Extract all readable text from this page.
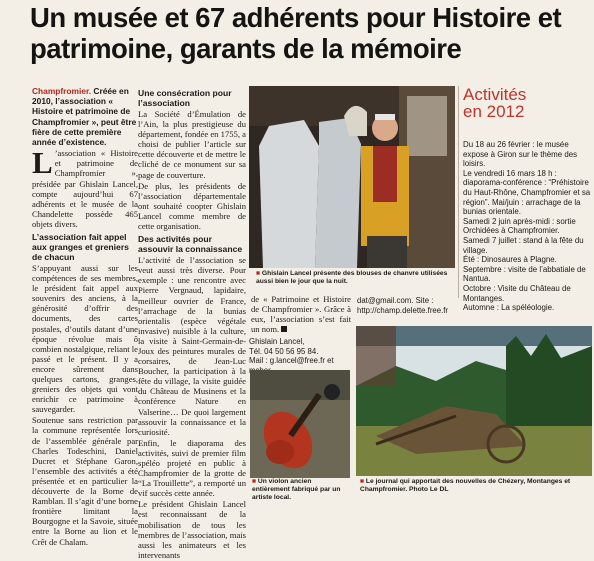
Un musée et 67 adhérents pour Histoire et patrimoine, garants de la mémoire

Champfromier. Créée en 2010, l’association « Histoire et patrimoine de Champfromier », peut être fière de cette première année d’existence.

L ’association « Histoire et patrimoine de Champfromier », présidée par Ghislain Lancel, compte aujourd’hui 67 adhérents et le musée de la Chandelette possède 465 objets divers.

L’association fait appel aux granges et greniers de chacun

S’appuyant aussi sur les compétences de ses membres, le président fait appel aux souvenirs des anciens, à la générosité d’offrir des documents, des cartes postales, d’outils datant d’une époque révolue mais ô combien nostalgique, reliant le passé et le présent. Il y a encore sûrement dans quelques cartons, granges, greniers des objets qui vont enrichir ce patrimoine à sauvegarder.

Soutenue sans restriction par la commune représentée lors de l’assemblée générale par Charles Todeschini, Daniel Ducret et Stéphane Garon, l’ensemble des activités a été présentée et en particulier la découverte de la Borne de Ramblan. Il s’agit d’une borne frontière limitant la Bourgogne et la Savoie, située entre la Borne au lion et le Crêt de Chalam.

Une consécration pour l’association

La Société d’Émulation de l’Ain, la plus prestigieuse du département, fondée en 1755, a choisi de publier l’article sur cette découverte et de mettre le cliché de ce monument sur sa page de couverture.

De plus, les présidents de l’association départementale ont souhaité coopter Ghislain Lancel comme membre de cette organisation.

Des activités pour assouvir la connaissance

L’activité de l’association se veut aussi très diverse. Pour exemple : une rencontre avec Pierre Vergnaud, lapidaire, meilleur ouvrier de France, l’arrachage de la bunias orientalis (espèce végétale invasive) nuisible à la culture, la visite à Saint-Germain-de-Joux des peintures murales de corsaires, de Jean-Luc Boucher, la participation à la fête du village, la visite guidée du Château de Musinens et la conférence Nature en Valserine… De quoi largement assouvir la connaissance et la curiosité.

Enfin, le diaporama des activités, suivi de premier film spéléo projeté en public à Champfromier de la grotte de “La Trouillette”, a remporté un vif succès cette année.

Le président Ghislain Lancel est reconnaissant de la mobilisation de tous les membres de l’association, mais aussi les animateurs et les intervenants

■ Ghislain Lancel présente des blouses de chanvre utilisées aussi bien le jour que la nuit.
de « Patrimoine et Histoire de Champfromier ». Grâce à eux, l’association s’est fait un nom.
Ghislain Lancel,
Tél. 04 50 56 95 84.
Mail : g.lancel@free.fr et
dat@gmail.com. Site :
http://champ.delette.free.fr
■ Un violon ancien entièrement fabriqué par un artiste local.
■ Le journal qui apportait des nouvelles de Chézery, Montanges et Champfromier. Photo Le DL
Activités
en 2012
Du 18 au 26 février : le musée expose à Giron sur le thème des loisirs.
Le vendredi 16 mars 18 h : diaporama-conférence : “Préhistoire du Haut-Rhône, Champfromier et sa région”. Mai/juin : arrachage de la bunias orientale.
Samedi 2 juin après-midi : sortie Orchidées à Champfromier.
Samedi 7 juillet : stand à la fête du village.
Été : Dinosaures à Plagne.
Septembre : visite de l’abbatiale de Nantua.
Octobre : Visite du Château de Montanges.
Automne : La spéléologie.
